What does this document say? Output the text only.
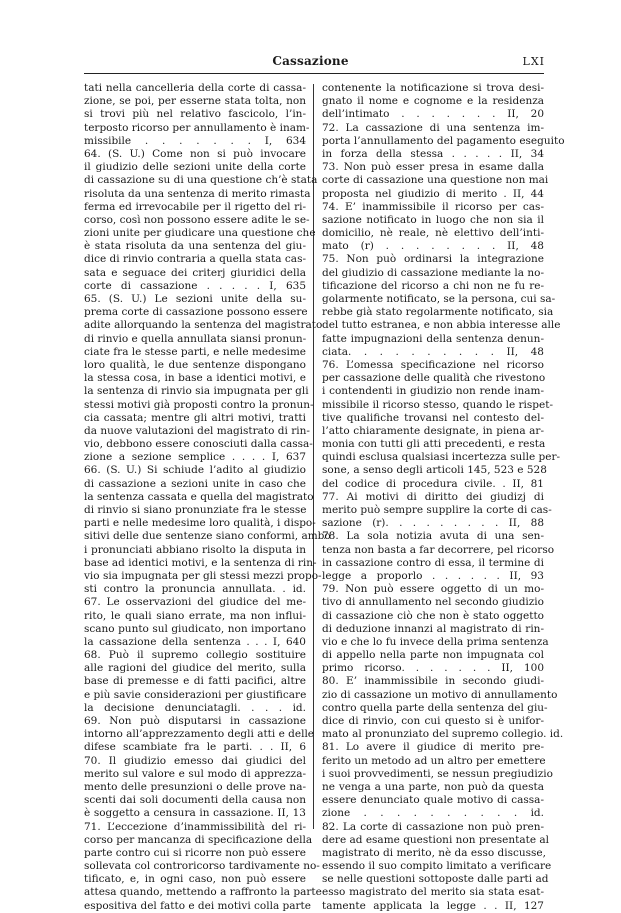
Cassazione	LXI
tati nella cancelleria della corte di cassa-
zione, se poi, per esserne stata tolta, non
si trovi più nel relativo fascicolo, l’in-
terposto ricorso per annullamento è inam-
missibile . . . . . . . I, 634
64. (S. U.) Come non si può invocare
il giudizio delle sezioni unite della corte
di cassazione su di una questione ch’è stata
risoluta da una sentenza di merito rimasta
ferma ed irrevocabile per il rigetto del ri-
corso, così non possono essere adite le se-
zioni unite per giudicare una questione che
è stata risoluta da una sentenza del giu-
dice di rinvio contraria a quella stata cas-
sata e seguace dei criterj giuridici della
corte di cassazione . . . . . I, 635
65. (S. U.) Le sezioni unite della su-
prema corte di cassazione possono essere
adite allorquando la sentenza del magistrato
di rinvio e quella annullata siansi pronun-
ciate fra le stesse parti, e nelle medesime
loro qualità, le due sentenze dispongano
la stessa cosa, in base a identici motivi, e
la sentenza di rinvio sia impugnata per gli
stessi motivi già proposti contro la pronun-
cia cassata; mentre gli altri motivi, tratti
da nuove valutazioni del magistrato di rin-
vio, debbono essere conosciuti dalla cassa-
zione a sezione semplice . . . . I, 637
66. (S. U.) Si schiude l’adito al giudizio
di cassazione a sezioni unite in caso che
la sentenza cassata e quella del magistrato
di rinvio si siano pronunziate fra le stesse
parti e nelle medesime loro qualità, i dispo-
sitivi delle due sentenze siano conformi, ambo
i pronunciati abbiano risolto la disputa in
base ad identici motivi, e la sentenza di rin-
vio sia impugnata per gli stessi mezzi propo-
sti contro la pronuncia annullata. . id.
67. Le osservazioni del giudice del me-
rito, le quali siano errate, ma non influi-
scano punto sul giudicato, non importano
la cassazione della sentenza . . . I, 640
68. Può il supremo collegio sostituire
alle ragioni del giudice del merito, sulla
base di premesse e di fatti pacifici, altre
e più savie considerazioni per giustificare
la decisione denunciatagli. . . . id.
69. Non può disputarsi in cassazione
intorno all’apprezzamento degli atti e delle
difese scambiate fra le parti. . . II, 6
70. Il giudizio emesso dai giudici del
merito sul valore e sul modo di apprezza-
mento delle presunzioni o delle prove na-
scenti dai soli documenti della causa non
è soggetto a censura in cassazione. II, 13
71. L’eccezione d’inammissibilità del ri-
corso per mancanza di specificazione della
parte contro cui si ricorre non può essere
sollevata col controricorso tardivamente no-
tificato, e, in ogni caso, non può essere
attesa quando, mettendo a raffronto la parte
espositiva del fatto e dei motivi colla parte
contenente la notificazione si trova desi-
gnato il nome e cognome e la residenza
dell’intimato . . . . . . . II, 20
72. La cassazione di una sentenza im-
porta l’annullamento del pagamento eseguito
in forza della stessa . . . . . II, 34
73. Non può esser presa in esame dalla
corte di cassazione una questione non mai
proposta nel giudizio di merito . II, 44
74. E’ inammissibile il ricorso per cas-
sazione notificato in luogo che non sia il
domicilio, nè reale, nè elettivo dell’inti-
mato (r) . . . . . . . . II, 48
75. Non può ordinarsi la integrazione
del giudizio di cassazione mediante la no-
tificazione del ricorso a chi non ne fu re-
golarmente notificato, se la persona, cui sa-
rebbe già stato regolarmente notificato, sia
del tutto estranea, e non abbia interesse alle
fatte impugnazioni della sentenza denun-
ciata. . . . . . . . . . II, 48
76. L’omessa specificazione nel ricorso
per cassazione delle qualità che rivestono
i contendenti in giudizio non rende inam-
missibile il ricorso stesso, quando le rispet-
tive qualifiche trovansi nel contesto del-
l’atto chiaramente designate, in piena ar-
monia con tutti gli atti precedenti, e resta
quindi esclusa qualsiasi incertezza sulle per-
sone, a senso degli articoli 145, 523 e 528
del codice di procedura civile. . II, 81
77. Ai motivi di diritto dei giudizj di
merito può sempre supplire la corte di cas-
sazione (r). . . . . . . . . II, 88
78. La sola notizia avuta di una sen-
tenza non basta a far decorrere, pel ricorso
in cassazione contro di essa, il termine di
legge a proporlo . . . . . . II, 93
79. Non può essere oggetto di un mo-
tivo di annullamento nel secondo giudizio
di cassazione ciò che non è stato oggetto
di deduzione innanzi al magistrato di rin-
vio e che lo fu invece della prima sentenza
di appello nella parte non impugnata col
primo ricorso. . . . . . . II, 100
80. E’ inammissibile in secondo giudi-
zio di cassazione un motivo di annullamento
contro quella parte della sentenza del giu-
dice di rinvio, con cui questo si è unifor-
mato al pronunziato del supremo collegio. id.
81. Lo avere il giudice di merito pre-
ferito un metodo ad un altro per emettere
i suoi provvedimenti, se nessun pregiudizio
ne venga a una parte, non può da questa
essere denunciato quale motivo di cassa-
zione . . . . . . . . . . id.
82. La corte di cassazione non può pren-
dere ad esame questioni non presentate al
magistrato di merito, nè da esso discusse,
essendo il suo compito limitato a verificare
se nelle questioni sottoposte dalle parti ad
esso magistrato del merito sia stata esat-
tamente applicata la legge . . II, 127
